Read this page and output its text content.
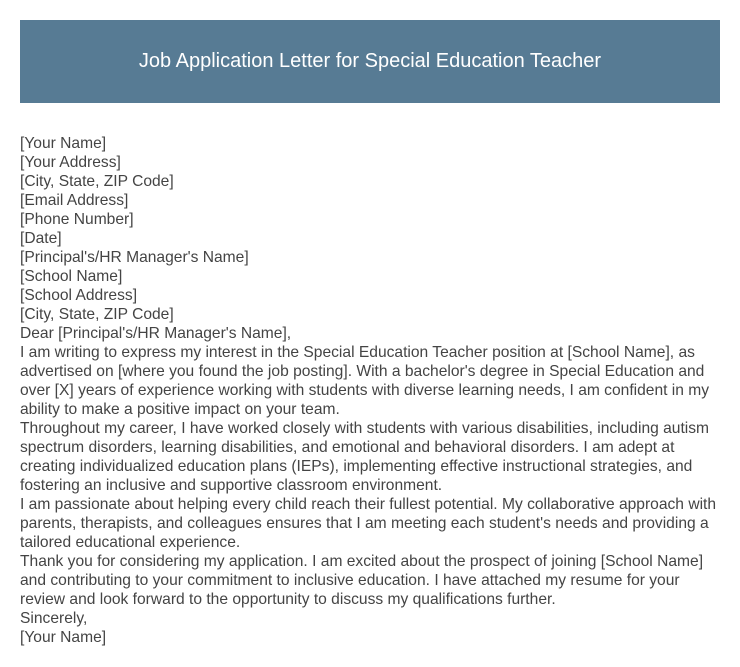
Job Application Letter for Special Education Teacher
[Your Name]
[Your Address]
[City, State, ZIP Code]
[Email Address]
[Phone Number]
[Date]
[Principal's/HR Manager's Name]
[School Name]
[School Address]
[City, State, ZIP Code]
Dear [Principal's/HR Manager's Name],

I am writing to express my interest in the Special Education Teacher position at [School Name], as advertised on [where you found the job posting]. With a bachelor's degree in Special Education and over [X] years of experience working with students with diverse learning needs, I am confident in my ability to make a positive impact on your team.

Throughout my career, I have worked closely with students with various disabilities, including autism spectrum disorders, learning disabilities, and emotional and behavioral disorders. I am adept at creating individualized education plans (IEPs), implementing effective instructional strategies, and fostering an inclusive and supportive classroom environment.

I am passionate about helping every child reach their fullest potential. My collaborative approach with parents, therapists, and colleagues ensures that I am meeting each student's needs and providing a tailored educational experience.

Thank you for considering my application. I am excited about the prospect of joining [School Name] and contributing to your commitment to inclusive education. I have attached my resume for your review and look forward to the opportunity to discuss my qualifications further.

Sincerely,
[Your Name]
